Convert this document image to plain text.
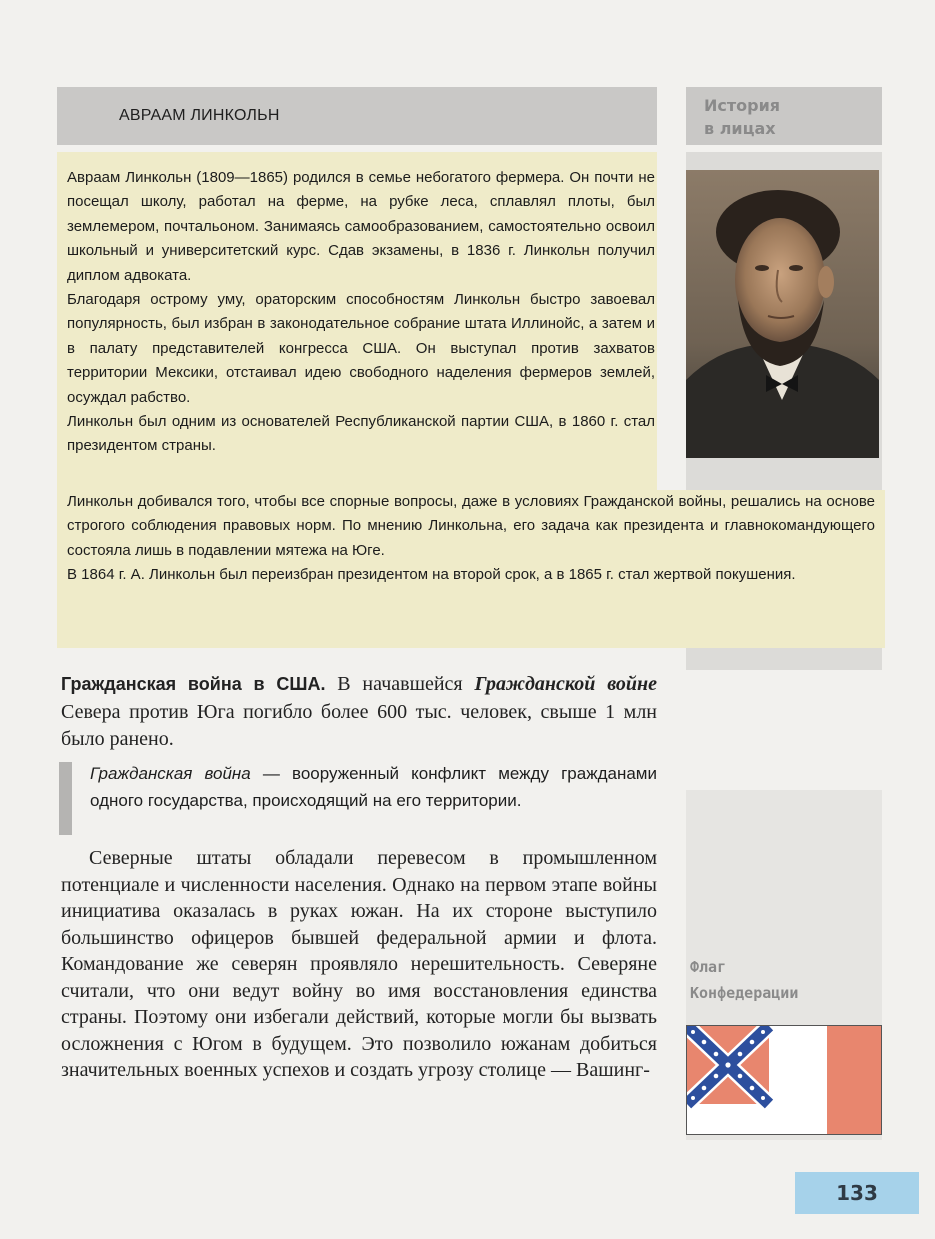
АВРААМ ЛИНКОЛЬН
История
в лицах

Авраам Линкольн (1809—1865) родился в семье небогатого фермера. Он почти не посещал школу, работал на ферме, на рубке леса, сплавлял плоты, был землемером, почтальоном. Занимаясь самообразованием, самостоятельно освоил школьный и университетский курс. Сдав экзамены, в 1836 г. Линкольн получил диплом адвоката.

Благодаря острому уму, ораторским способностям Линкольн быстро завоевал популярность, был избран в законодательное собрание штата Иллинойс, а затем и в палату представителей конгресса США. Он выступал против захватов территории Мексики, отстаивал идею свободного наделения фермеров землей, осуждал рабство.

Линкольн был одним из основателей Республиканской партии США, в 1860 г. стал президентом страны.

Линкольн добивался того, чтобы все спорные вопросы, даже в условиях Гражданской войны, решались на основе строгого соблюдения правовых норм. По мнению Линкольна, его задача как президента и главнокомандующего состояла лишь в подавлении мятежа на Юге.

В 1864 г. А. Линкольн был переизбран президентом на второй срок, а в 1865 г. стал жертвой покушения.

Гражданская война в США. В начавшейся Гражданской войне Севера против Юга погибло более 600 тыс. человек, свыше 1 млн было ранено.

Гражданская война — вооруженный конфликт между гражданами одного государства, происходящий на его территории.

Северные штаты обладали перевесом в промышленном потенциале и численности населения. Однако на первом этапе войны инициатива оказалась в руках южан. На их стороне выступило большинство офицеров бывшей федеральной армии и флота. Командование же северян проявляло нерешительность. Северяне считали, что они ведут войну во имя восстановления единства страны. Поэтому они избегали действий, которые могли бы вызвать осложнения с Югом в будущем. Это позволило южанам добиться значительных военных успехов и создать угрозу столице — Вашинг-

Флаг
Конфедерации
133
